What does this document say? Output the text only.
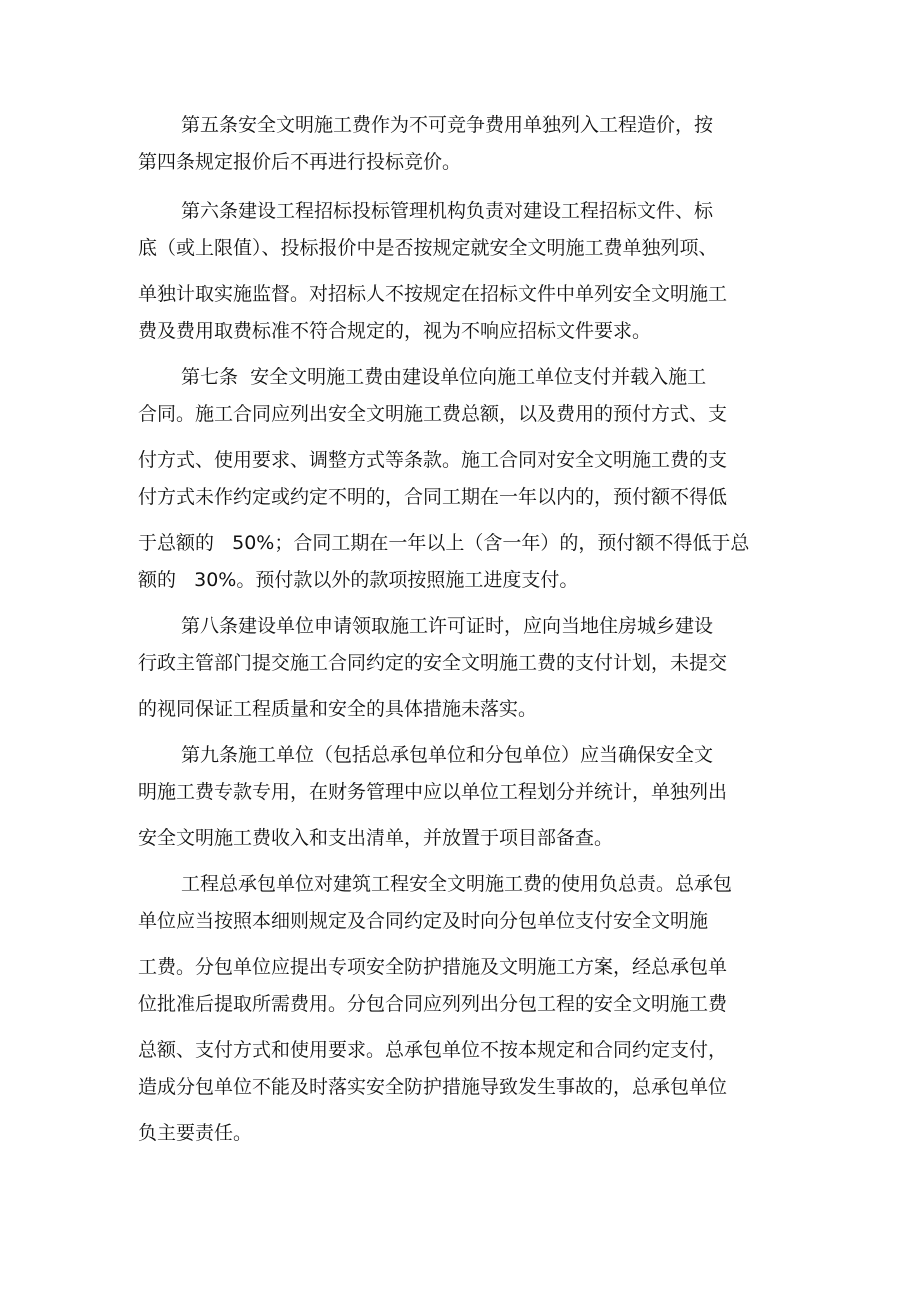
第五条安全文明施工费作为不可竞争费用单独列入工程造价，按
第四条规定报价后不再进行投标竞价。
第六条建设工程招标投标管理机构负责对建设工程招标文件、标
底（或上限值）、投标报价中是否按规定就安全文明施工费单独列项、
单独计取实施监督。对招标人不按规定在招标文件中单列安全文明施工
费及费用取费标准不符合规定的，视为不响应招标文件要求。
第七条  安全文明施工费由建设单位向施工单位支付并载入施工
合同。施工合同应列出安全文明施工费总额，以及费用的预付方式、支
付方式、使用要求、调整方式等条款。施工合同对安全文明施工费的支
付方式未作约定或约定不明的，合同工期在一年以内的，预付额不得低
于总额的   50%；合同工期在一年以上（含一年）的，预付额不得低于总
额的   30%。预付款以外的款项按照施工进度支付。
第八条建设单位申请领取施工许可证时，应向当地住房城乡建设
行政主管部门提交施工合同约定的安全文明施工费的支付计划，未提交
的视同保证工程质量和安全的具体措施未落实。
第九条施工单位（包括总承包单位和分包单位）应当确保安全文
明施工费专款专用，在财务管理中应以单位工程划分并统计，单独列出
安全文明施工费收入和支出清单，并放置于项目部备查。
工程总承包单位对建筑工程安全文明施工费的使用负总责。总承包
单位应当按照本细则规定及合同约定及时向分包单位支付安全文明施
工费。分包单位应提出专项安全防护措施及文明施工方案，经总承包单
位批准后提取所需费用。分包合同应列列出分包工程的安全文明施工费
总额、支付方式和使用要求。总承包单位不按本规定和合同约定支付，
造成分包单位不能及时落实安全防护措施导致发生事故的，总承包单位
负主要责任。
